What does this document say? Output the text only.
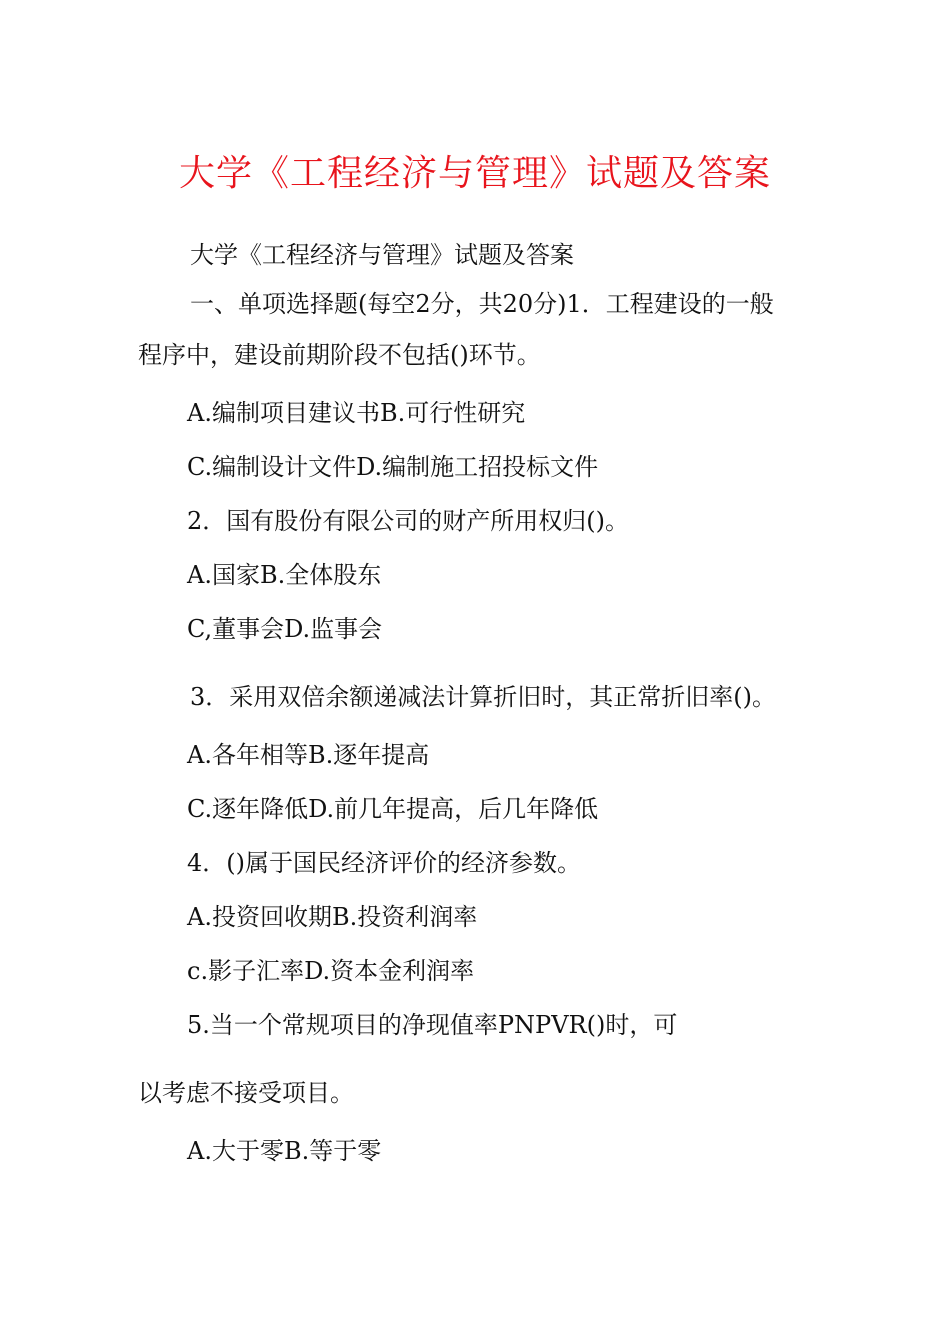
大学《工程经济与管理》试题及答案
大学《工程经济与管理》试题及答案
一、单项选择题(每空2分，共20分)1．工程建设的一般
程序中，建设前期阶段不包括()环节。
A.编制项目建议书B.可行性研究
C.编制设计文件D.编制施工招投标文件
2．国有股份有限公司的财产所用权归()。
A.国家B.全体股东
C,董事会D.监事会
3．采用双倍余额递减法计算折旧时，其正常折旧率()。
A.各年相等B.逐年提高
C.逐年降低D.前几年提高，后几年降低
4．()属于国民经济评价的经济参数。
A.投资回收期B.投资利润率
c.影子汇率D.资本金利润率
5.当一个常规项目的净现值率PNPVR()时，可
以考虑不接受项目。
A.大于零B.等于零
